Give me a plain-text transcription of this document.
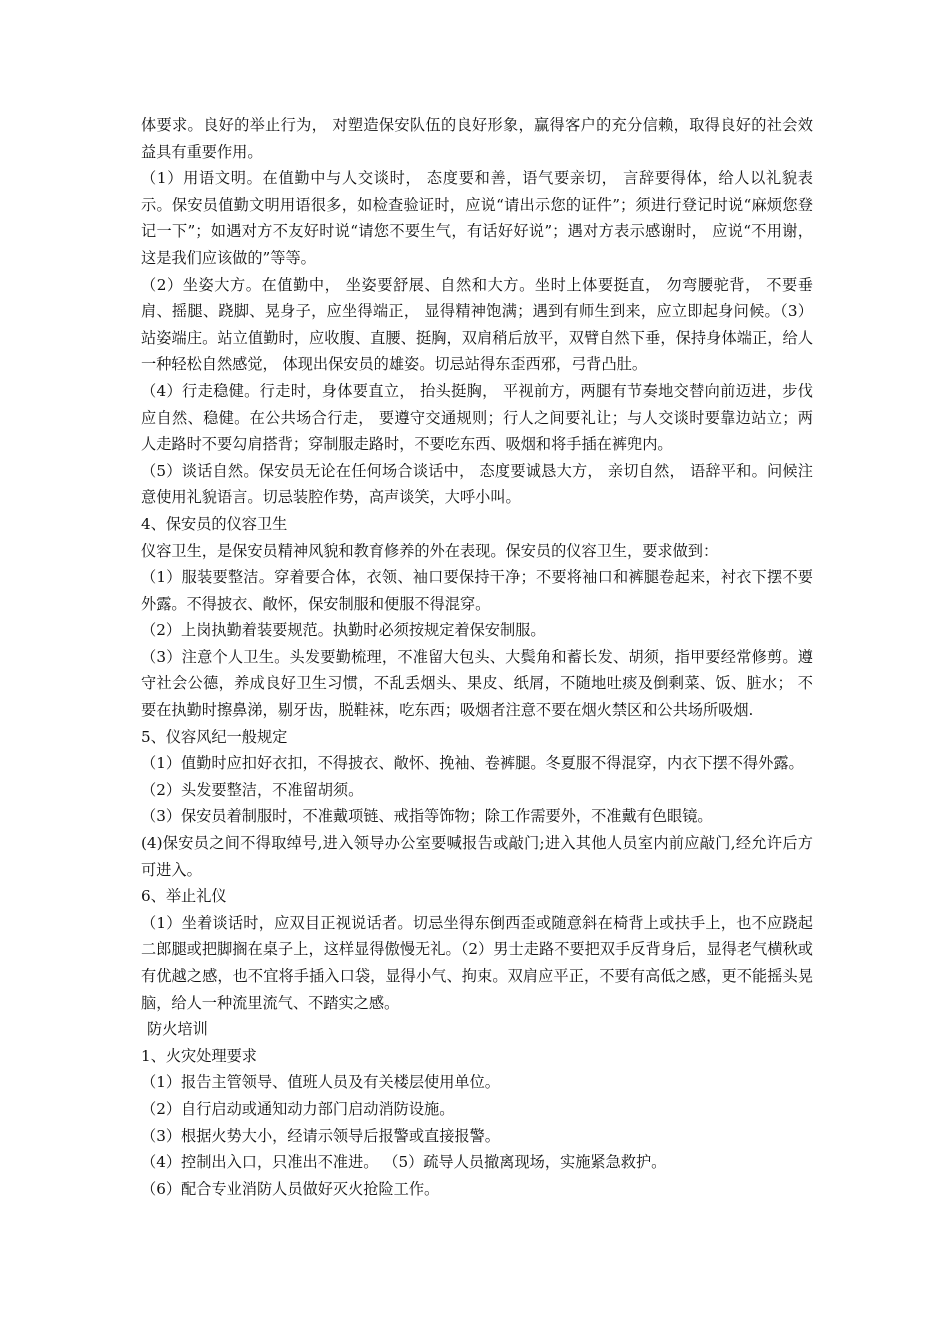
体要求。良好的举止行为， 对塑造保安队伍的良好形象，赢得客户的充分信赖，取得良好的社会效益具有重要作用。

（1）用语文明。在值勤中与人交谈时， 态度要和善，语气要亲切， 言辞要得体，给人以礼貌表示。保安员值勤文明用语很多，如检查验证时，应说“请出示您的证件”；须进行登记时说“麻烦您登记一下”；如遇对方不友好时说“请您不要生气，有话好好说”；遇对方表示感谢时， 应说“不用谢， 这是我们应该做的”等等。

（2）坐姿大方。在值勤中， 坐姿要舒展、自然和大方。坐时上体要挺直， 勿弯腰驼背， 不要垂肩、摇腿、跷脚、晃身子，应坐得端正， 显得精神饱满；遇到有师生到来，应立即起身问候。（3）站姿端庄。站立值勤时，应收腹、直腰、挺胸，双肩稍后放平，双臂自然下垂，保持身体端正，给人一种轻松自然感觉， 体现出保安员的雄姿。切忌站得东歪西邪，弓背凸肚。

（4）行走稳健。行走时，身体要直立， 抬头挺胸， 平视前方，两腿有节奏地交替向前迈进，步伐应自然、稳健。在公共场合行走， 要遵守交通规则；行人之间要礼让；与人交谈时要靠边站立；两人走路时不要勾肩搭背；穿制服走路时，不要吃东西、吸烟和将手插在裤兜内。

（5）谈话自然。保安员无论在任何场合谈话中， 态度要诚恳大方， 亲切自然， 语辞平和。问候注意使用礼貌语言。切忌装腔作势，高声谈笑，大呼小叫。

4、保安员的仪容卫生

仪容卫生，是保安员精神风貌和教育修养的外在表现。保安员的仪容卫生，要求做到：

（1）服装要整洁。穿着要合体，衣领、袖口要保持干净；不要将袖口和裤腿卷起来，衬衣下摆不要外露。不得披衣、敞怀，保安制服和便服不得混穿。

（2）上岗执勤着装要规范。执勤时必须按规定着保安制服。

（3）注意个人卫生。头发要勤梳理，不准留大包头、大鬓角和蓄长发、胡须，指甲要经常修剪。遵守社会公德，养成良好卫生习惯，不乱丢烟头、果皮、纸屑，不随地吐痰及倒剩菜、饭、脏水； 不要在执勤时擦鼻涕，剔牙齿，脱鞋袜，吃东西；吸烟者注意不要在烟火禁区和公共场所吸烟.

5、仪容风纪一般规定

（1）值勤时应扣好衣扣，不得披衣、敞怀、挽袖、卷裤腿。冬夏服不得混穿，内衣下摆不得外露。

（2）头发要整洁，不准留胡须。

（3）保安员着制服时，不准戴项链、戒指等饰物；除工作需要外，不准戴有色眼镜。

(4)保安员之间不得取绰号,进入领导办公室要喊报告或敲门;进入其他人员室内前应敲门,经允许后方可进入。

6、举止礼仪

（1）坐着谈话时，应双目正视说话者。切忌坐得东倒西歪或随意斜在椅背上或扶手上，也不应跷起二郎腿或把脚搁在桌子上，这样显得傲慢无礼。（2）男士走路不要把双手反背身后，显得老气横秋或有优越之感，也不宜将手插入口袋，显得小气、拘束。双肩应平正，不要有高低之感，更不能摇头晃脑，给人一种流里流气、不踏实之感。

防火培训

1、火灾处理要求

（1）报告主管领导、值班人员及有关楼层使用单位。

（2）自行启动或通知动力部门启动消防设施。

（3）根据火势大小，经请示领导后报警或直接报警。

（4）控制出入口，只准出不准进。 （5）疏导人员撤离现场，实施紧急救护。

（6）配合专业消防人员做好灭火抢险工作。
